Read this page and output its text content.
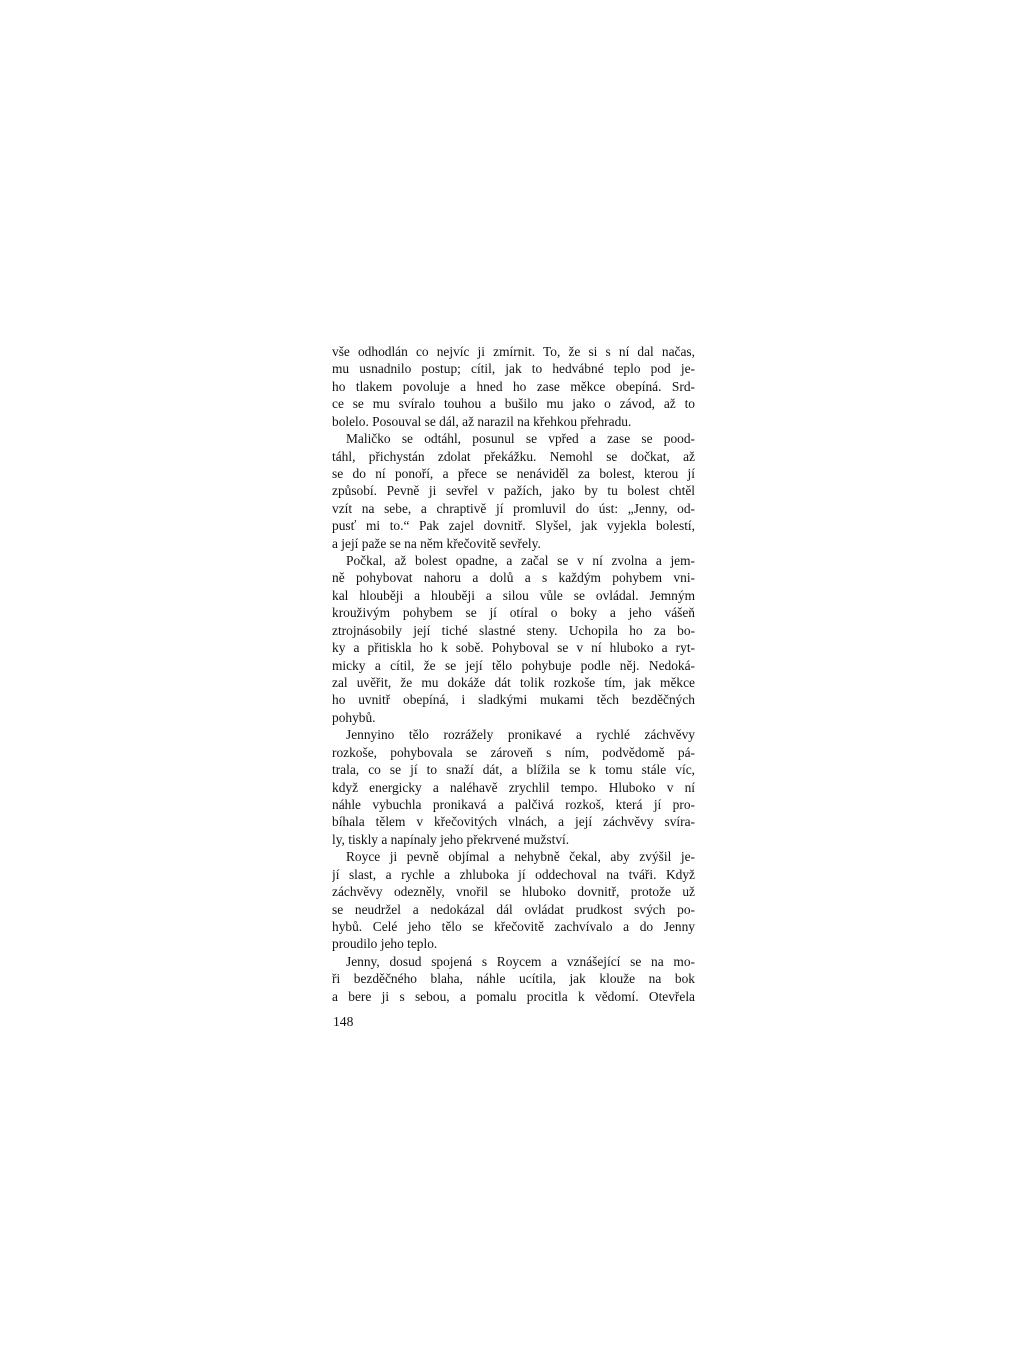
vše odhodlán co nejvíc ji zmírnit. To, že si s ní dal načas,
mu usnadnilo postup; cítil, jak to hedvábné teplo pod je-
ho tlakem povoluje a hned ho zase měkce obepíná. Srd-
ce se mu svíralo touhou a bušilo mu jako o závod, až to
bolelo. Posouval se dál, až narazil na křehkou přehradu.
Maličko se odtáhl, posunul se vpřed a zase se pood-
táhl, přichystán zdolat překážku. Nemohl se dočkat, až
se do ní ponoří, a přece se nenáviděl za bolest, kterou jí
způsobí. Pevně ji sevřel v pažích, jako by tu bolest chtěl
vzít na sebe, a chraptivě jí promluvil do úst: „Jenny, od-
pusť mi to.“ Pak zajel dovnitř. Slyšel, jak vyjekla bolestí,
a její paže se na něm křečovitě sevřely.
Počkal, až bolest opadne, a začal se v ní zvolna a jem-
ně pohybovat nahoru a dolů a s každým pohybem vni-
kal hlouběji a hlouběji a silou vůle se ovládal. Jemným
krouživým pohybem se jí otíral o boky a jeho vášeň
ztrojnásobily její tiché slastné steny. Uchopila ho za bo-
ky a přitiskla ho k sobě. Pohyboval se v ní hluboko a ryt-
micky a cítil, že se její tělo pohybuje podle něj. Nedoká-
zal uvěřit, že mu dokáže dát tolik rozkoše tím, jak měkce
ho uvnitř obepíná, i sladkými mukami těch bezděčných
pohybů.
Jennyino tělo rozrážely pronikavé a rychlé záchvěvy
rozkoše, pohybovala se zároveň s ním, podvědomě pá-
trala, co se jí to snaží dát, a blížila se k tomu stále víc,
když energicky a naléhavě zrychlil tempo. Hluboko v ní
náhle vybuchla pronikavá a palčivá rozkoš, která jí pro-
bíhala tělem v křečovitých vlnách, a její záchvěvy svíra-
ly, tiskly a napínaly jeho překrvené mužství.
Royce ji pevně objímal a nehybně čekal, aby zvýšil je-
jí slast, a rychle a zhluboka jí oddechoval na tváři. Když
záchvěvy odezněly, vnořil se hluboko dovnitř, protože už
se neudržel a nedokázal dál ovládat prudkost svých po-
hybů. Celé jeho tělo se křečovitě zachvívalo a do Jenny
proudilo jeho teplo.
Jenny, dosud spojená s Roycem a vznášející se na mo-
ři bezděčného blaha, náhle ucítila, jak klouže na bok
a bere ji s sebou, a pomalu procitla k vědomí. Otevřela
148
